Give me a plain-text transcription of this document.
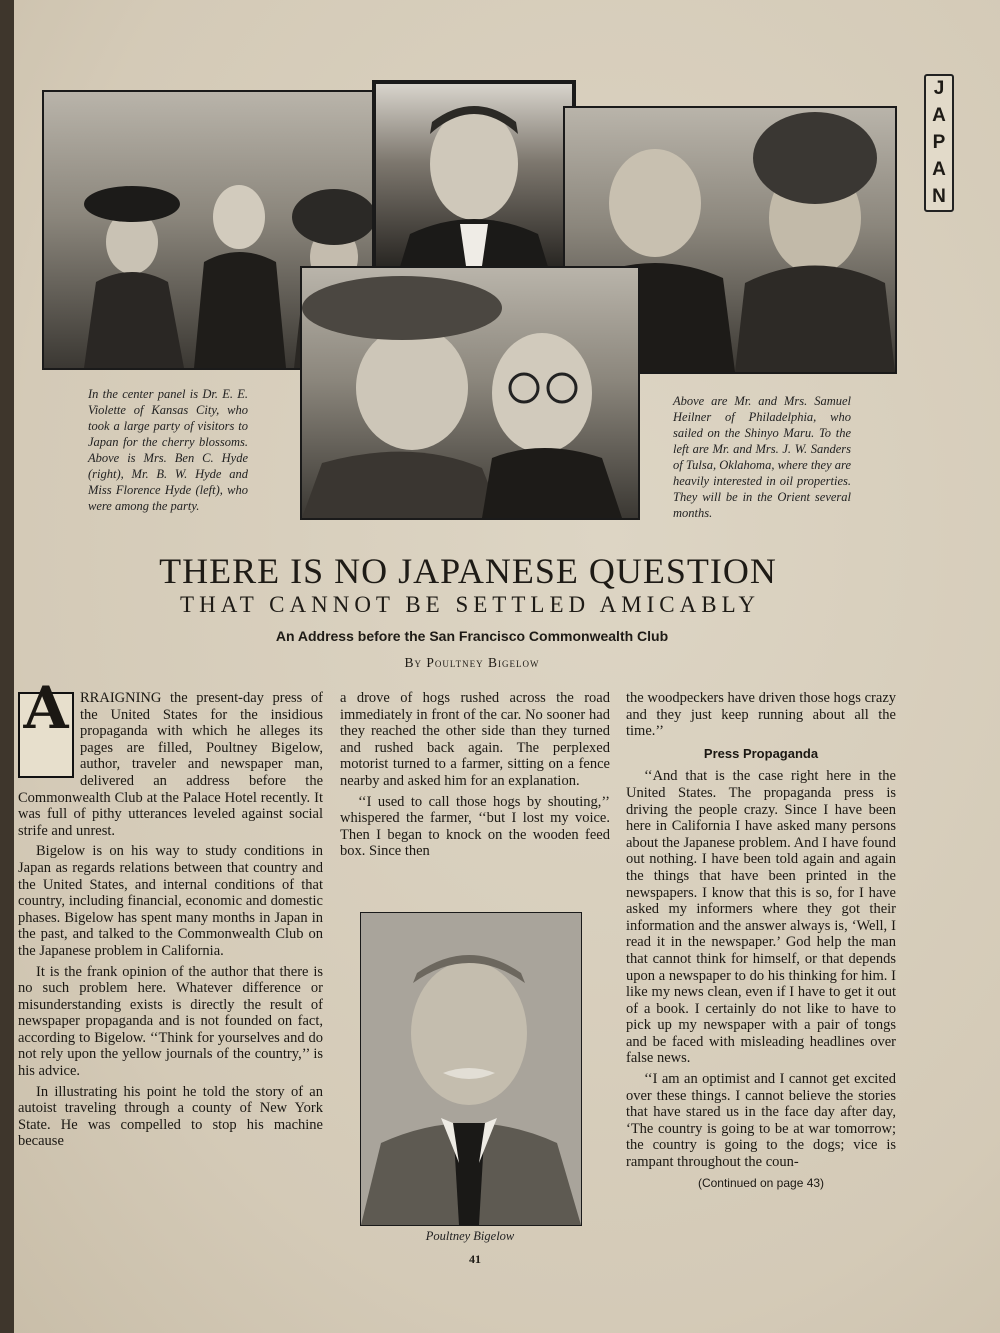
J
A
P
A
N
In the center panel is Dr. E. E. Violette of Kansas City, who took a large party of visitors to Japan for the cherry blossoms. Above is Mrs. Ben C. Hyde (right), Mr. B. W. Hyde and Miss Florence Hyde (left), who were among the party.
Above are Mr. and Mrs. Samuel Heilner of Philadelphia, who sailed on the Shinyo Maru. To the left are Mr. and Mrs. J. W. Sanders of Tulsa, Oklahoma, where they are heavily interested in oil properties. They will be in the Orient several months.
THERE IS NO JAPANESE QUESTION
THAT CANNOT BE SETTLED AMICABLY
An Address before the San Francisco Commonwealth Club
By Poultney Bigelow

A RRAIGNING the present-day press of the United States for the insidious propaganda with which he alleges its pages are filled, Poultney Bigelow, author, traveler and newspaper man, delivered an address before the Commonwealth Club at the Palace Hotel recently. It was full of pithy utterances leveled against social strife and unrest.

Bigelow is on his way to study conditions in Japan as regards relations between that country and the United States, and internal conditions of that country, including financial, economic and domestic phases. Bigelow has spent many months in Japan in the past, and talked to the Commonwealth Club on the Japanese problem in California.

It is the frank opinion of the author that there is no such problem here. Whatever difference or misunderstanding exists is directly the result of newspaper propaganda and is not founded on fact, according to Bigelow. ‘‘Think for yourselves and do not rely upon the yellow journals of the country,’’ is his advice.

In illustrating his point he told the story of an autoist traveling through a county of New York State. He was compelled to stop his machine because

a drove of hogs rushed across the road immediately in front of the car. No sooner had they reached the other side than they turned and rushed back again. The perplexed motorist turned to a farmer, sitting on a fence nearby and asked him for an explanation.

‘‘I used to call those hogs by shouting,’’ whispered the farmer, ‘‘but I lost my voice. Then I began to knock on the wooden feed box. Since then

Poultney Bigelow
41

the woodpeckers have driven those hogs crazy and they just keep running about all the time.’’

Press Propaganda

‘‘And that is the case right here in the United States. The propaganda press is driving the people crazy. Since I have been here in California I have asked many persons about the Japanese problem. And I have found out nothing. I have been told again and again the things that have been printed in the newspapers. I know that this is so, for I have asked my informers where they got their information and the answer always is, ‘Well, I read it in the newspaper.’ God help the man that cannot think for himself, or that depends upon a newspaper to do his thinking for him. I like my news clean, even if I have to get it out of a book. I certainly do not like to have to pick up my newspaper with a pair of tongs and be faced with misleading headlines over false news.

‘‘I am an optimist and I cannot get excited over these things. I cannot believe the stories that have stared us in the face day after day, ‘The country is going to be at war tomorrow; the country is going to the dogs; vice is rampant throughout the coun-

(Continued on page 43)
